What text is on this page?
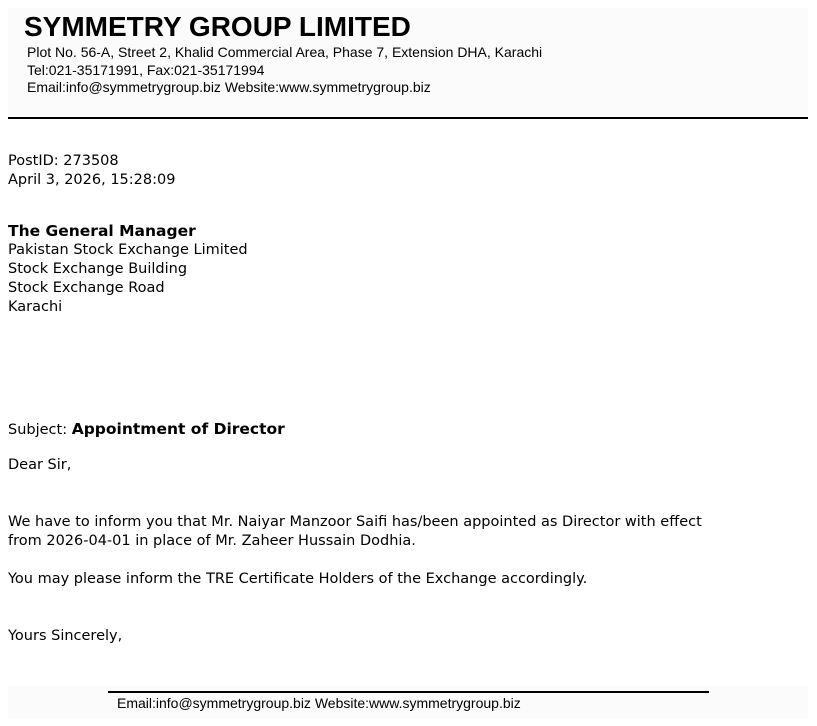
SYMMETRY GROUP LIMITED
Plot No. 56-A, Street 2, Khalid Commercial Area, Phase 7, Extension DHA, Karachi
Tel:021-35171991, Fax:021-35171994
Email:info@symmetrygroup.biz Website:www.symmetrygroup.biz
PostID: 273508
April 3, 2026, 15:28:09
The General Manager
Pakistan Stock Exchange Limited
Stock Exchange Building
Stock Exchange Road
Karachi
Subject: Appointment of Director
Dear Sir,
We have to inform you that Mr. Naiyar Manzoor Saifi has/been appointed as Director with effect
from 2026-04-01 in place of Mr. Zaheer Hussain Dodhia.
You may please inform the TRE Certificate Holders of the Exchange accordingly.
Yours Sincerely,
Email:info@symmetrygroup.biz Website:www.symmetrygroup.biz
